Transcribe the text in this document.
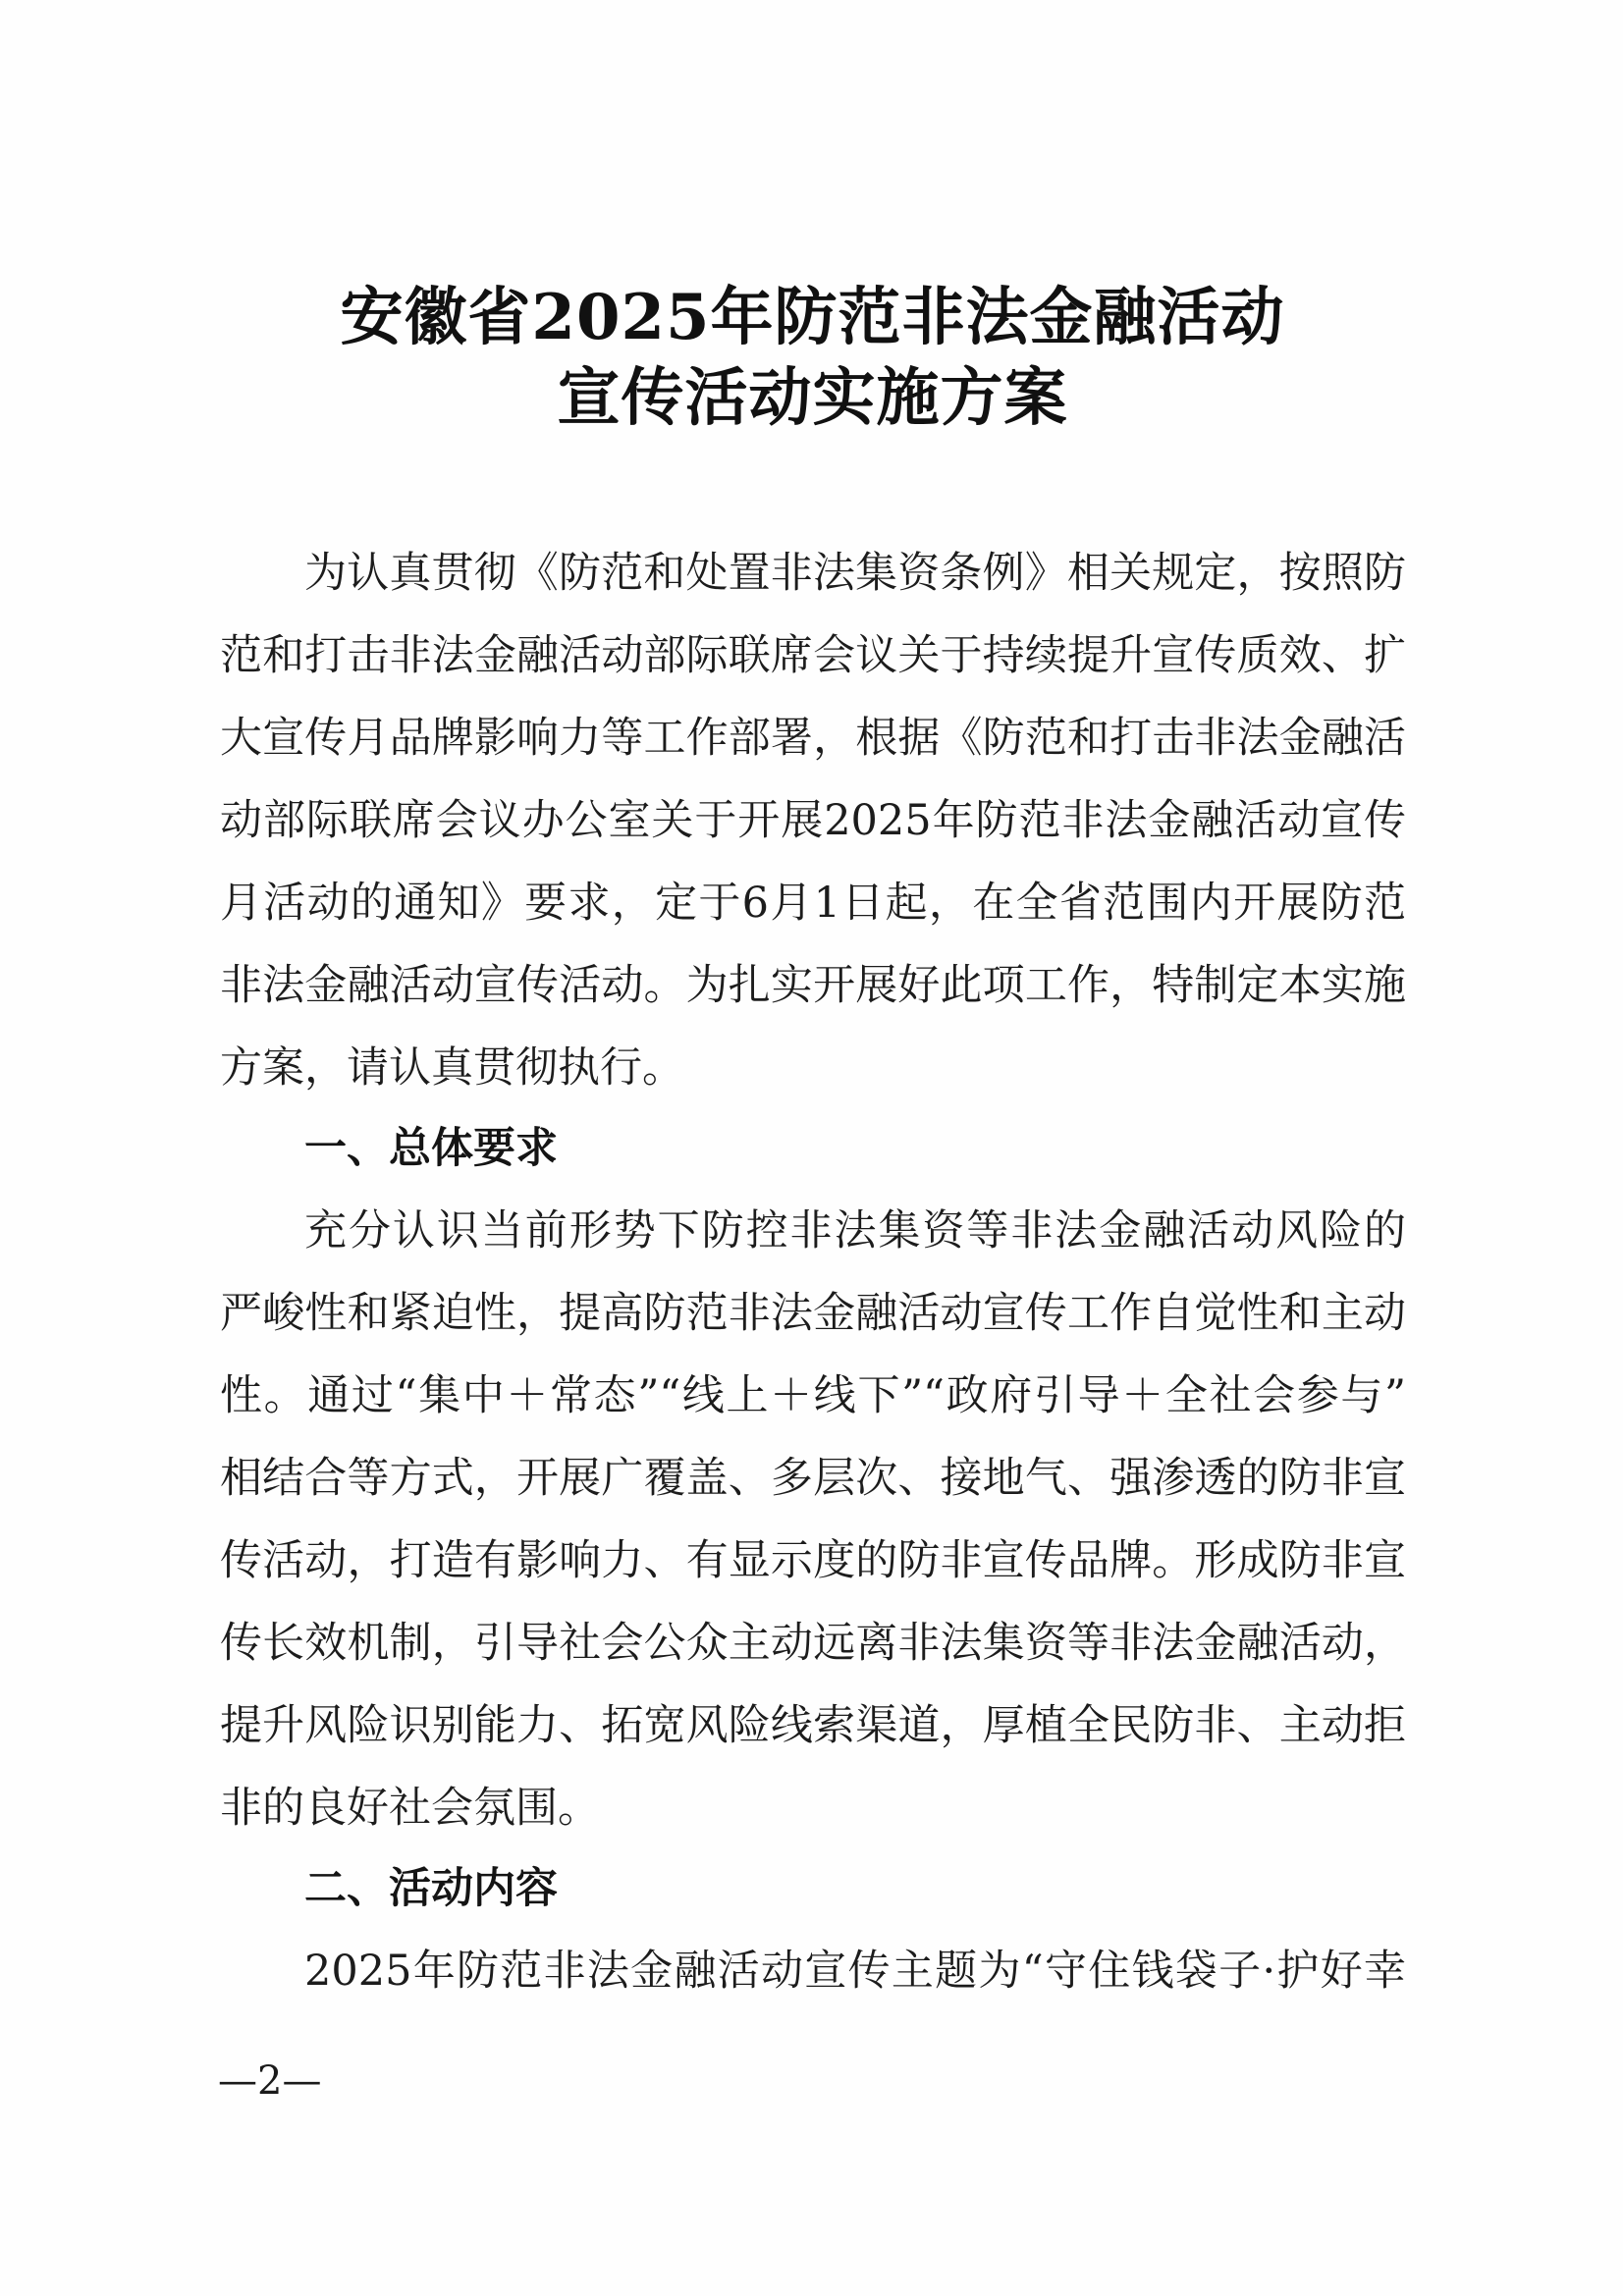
安徽省2025年防范非法金融活动
宣传活动实施方案
为认真贯彻《防范和处置非法集资条例》相关规定，按照防
范和打击非法金融活动部际联席会议关于持续提升宣传质效、扩
大宣传月品牌影响力等工作部署，根据《防范和打击非法金融活
动部际联席会议办公室关于开展2025年防范非法金融活动宣传
月活动的通知》要求，定于6月1日起，在全省范围内开展防范
非法金融活动宣传活动。为扎实开展好此项工作，特制定本实施
方案，请认真贯彻执行。
一、总体要求
充分认识当前形势下防控非法集资等非法金融活动风险的
严峻性和紧迫性，提高防范非法金融活动宣传工作自觉性和主动
性。通过“集中＋常态”“线上＋线下”“政府引导＋全社会参与”
相结合等方式，开展广覆盖、多层次、接地气、强渗透的防非宣
传活动，打造有影响力、有显示度的防非宣传品牌。形成防非宣
传长效机制，引导社会公众主动远离非法集资等非法金融活动，
提升风险识别能力、拓宽风险线索渠道，厚植全民防非、主动拒
非的良好社会氛围。
二、活动内容
2025年防范非法金融活动宣传主题为“守住钱袋子·护好幸
—2—
